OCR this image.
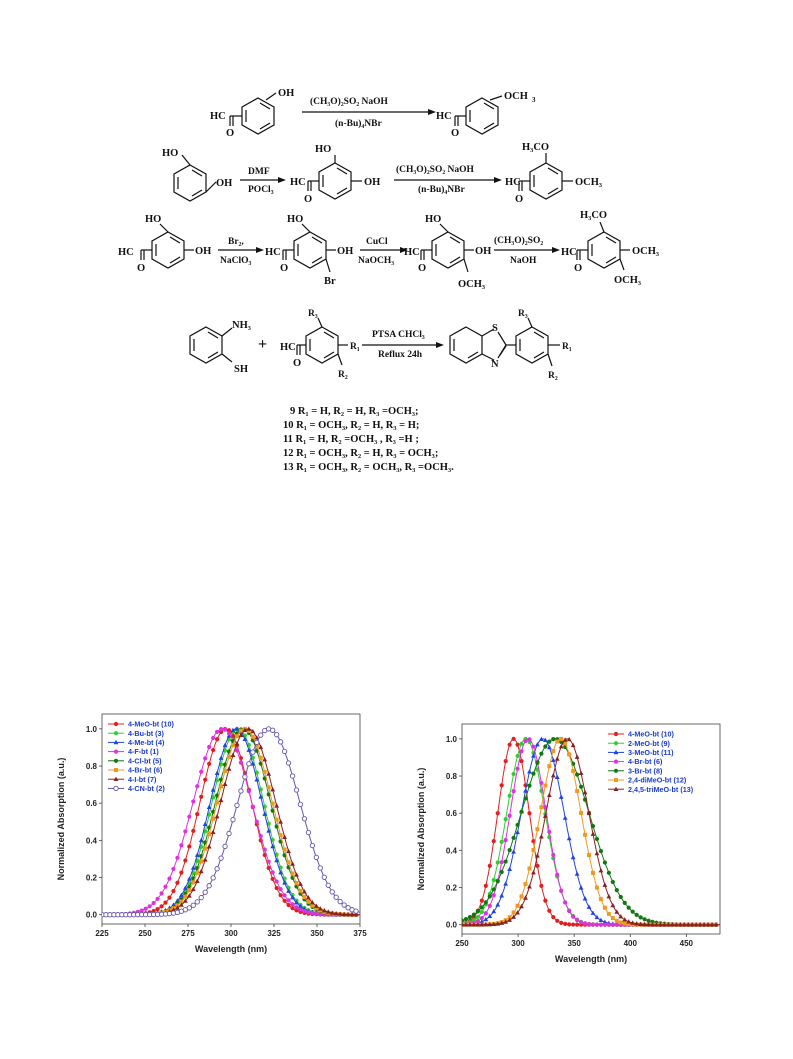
HC
O
OH
(CH₃O)₂SO₂ NaOH
(n-Bu)₄NBr
HC
O
OCH 3
HO
OH
DMF
POCl₃
HC
O
HO
OH
(CH₃O)₂SO₂ NaOH
(n-Bu)₄NBr
HC
O
H₃CO
OCH₃
HC
O
HO
OH
Br₂,
NaClO₃
HC
O
HO
OH
Br
CuCl
NaOCH₃
HC
O
HO
OH
OCH₃
(CH₃O)₂SO₂
NaOH
HC
O
H₃CO
OCH₃
OCH₃
NH₃
SH
+ HC
O
R₃
R₁
R₂
PTSA CHCl₃
Reflux 24h
S
N
R₃
R₁
R₂
9 R₁ = H, R₂ = H, R₃ =OCH₃;
10 R₁ = OCH₃, R₂ = H, R₃ = H;
11 R₁ = H, R₂ =OCH₃ , R₃ =H ;
12 R₁ = OCH₃, R₂ = H, R₃ = OCH₃;
13 R₁ = OCH₃, R₂ = OCH₃, R₃ =OCH₃.
225	250	275	300	325	350	375
0.0
0.2
0.4
0.6
0.8
1.0
Wavelength (nm)
Normalized Absorption (a.u.)
4-MeO-bt (10)
4-Bu-bt (3)
4-Me-bt (4)
4-F-bt (1)
4-Cl-bt (5)
4-Br-bt (6)
4-I-bt (7)
4-CN-bt (2)
250	300	350	400	450
0.0
0.2
0.4
0.6
0.8
1.0
Wavelength (nm)
Normalized Absorption (a.u.)
4-MeO-bt (10)
2-MeO-bt (9)
3-MeO-bt (11)
4-Br-bt (6)
3-Br-bt (8)
2,4-diMeO-bt (12)
2,4,5-triMeO-bt (13)
